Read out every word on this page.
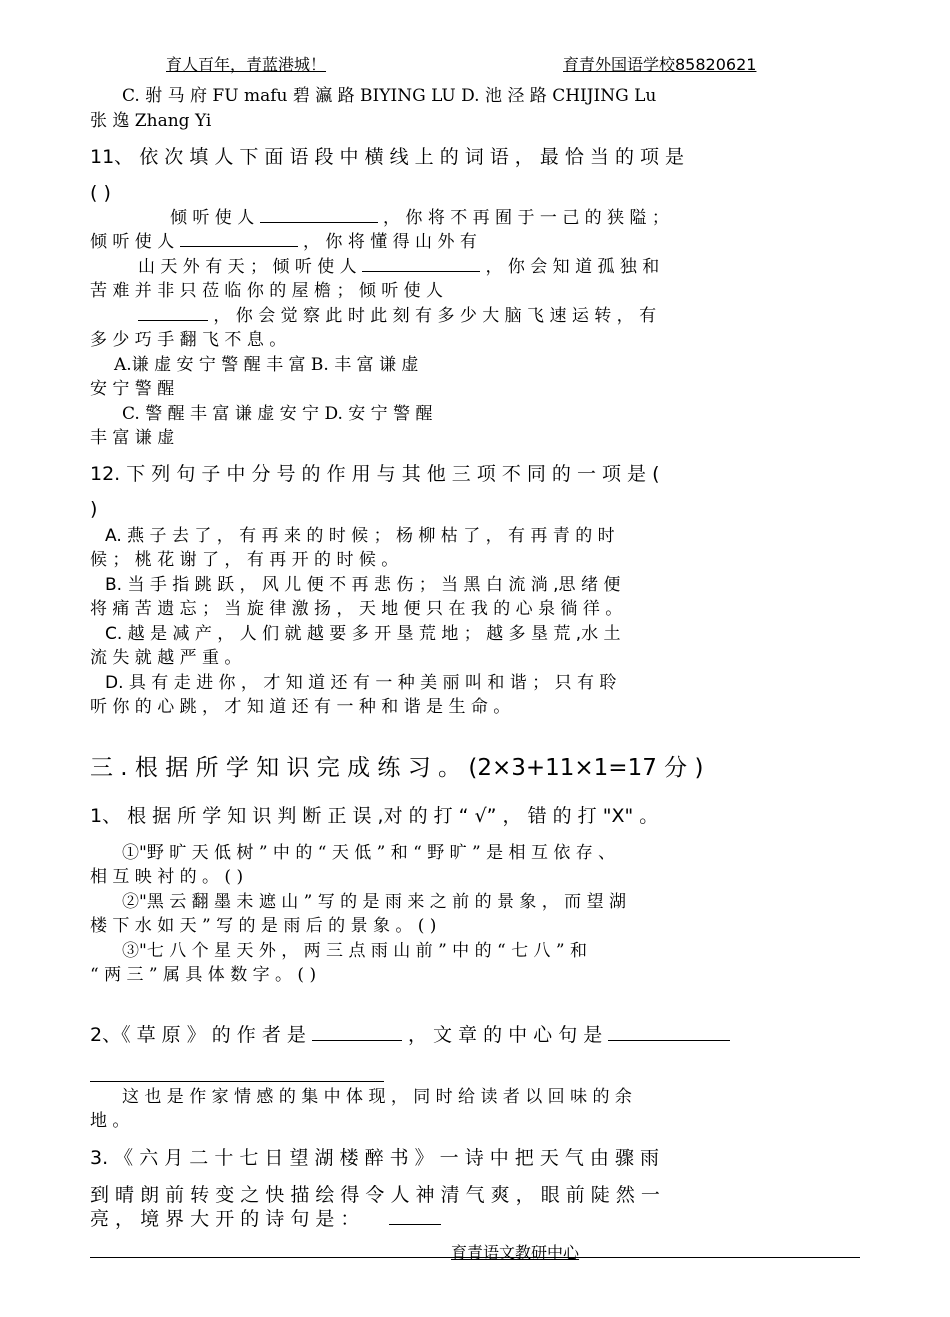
育人百年，青蓝港城！	育青外国语学校85820621
C. 驸 马 府 FU mafu 碧 瀛 路 BIYING LU D. 池 泾 路 CHIJING Lu
张 逸 Zhang Yi
11、 依 次 填 人 下 面 语 段 中 横 线 上 的 词 语 ， 最 恰 当 的 项 是
( )
倾 听 使 人	， 你 将 不 再 囿 于 一 己 的 狭 隘 ；
倾 听 使 人	， 你 将 懂 得 山 外 有
山 天 外 有 天 ； 倾 听 使 人	， 你 会 知 道 孤 独 和
苦 难 并 非 只 莅 临 你 的 屋 檐 ； 倾 听 使 人
， 你 会 觉 察 此 时 此 刻 有 多 少 大 脑 飞 速 运 转 ， 有
多 少 巧 手 翻 飞 不 息 。
A.谦 虚 安 宁 警 醒 丰 富 B. 丰 富 谦 虚
安 宁 警 醒
C. 警 醒 丰 富 谦 虚 安 宁 D. 安 宁 警 醒
丰 富 谦 虚
12. 下 列 句 子 中 分 号 的 作 用 与 其 他 三 项 不 同 的 一 项 是 (
)
A. 燕 子 去 了 ， 有 再 来 的 时 候 ； 杨 柳 枯 了 ， 有 再 青 的 时
候 ； 桃 花 谢 了 ， 有 再 开 的 时 候 。
B. 当 手 指 跳 跃 ， 风 儿 便 不 再 悲 伤 ； 当 黑 白 流 淌 ,思 绪 便
将 痛 苦 遗 忘 ； 当 旋 律 激 扬 ， 天 地 便 只 在 我 的 心 泉 徜 徉 。
C. 越 是 减 产 ， 人 们 就 越 要 多 开 垦 荒 地 ； 越 多 垦 荒 ,水 土
流 失 就 越 严 重 。
D. 具 有 走 进 你 ， 才 知 道 还 有 一 种 美 丽 叫 和 谐 ； 只 有 聆
听 你 的 心 跳 ， 才 知 道 还 有 一 种 和 谐 是 生 命 。
三 . 根 据 所 学 知 识 完 成 练 习 。 (2×3+11×1=17 分 )
1、 根 据 所 学 知 识 判 断 正 误 ,对 的 打 “ √” ， 错 的 打 "X" 。
①"野 旷 天 低 树 ” 中 的 “ 天 低 ” 和 “ 野 旷 ” 是 相 互 依 存 、
相 互 映 衬 的 。 ( )
②"黑 云 翻 墨 未 遮 山 ” 写 的 是 雨 来 之 前 的 景 象 ， 而 望 湖
楼 下 水 如 天 ” 写 的 是 雨 后 的 景 象 。 ( )
③"七 八 个 星 天 外 ， 两 三 点 雨 山 前 ” 中 的 “ 七 八 ” 和
“ 两 三 ” 属 具 体 数 字 。 ( )
2、《 草 原 》 的 作 者 是	， 文 章 的 中 心 句 是
这 也 是 作 家 情 感 的 集 中 体 现 ， 同 时 给 读 者 以 回 味 的 余
地 。
3. 《 六 月 二 十 七 日 望 湖 楼 醉 书 》 一 诗 中 把 天 气 由 骤 雨
到 晴 朗 前 转 变 之 快 描 绘 得 令 人 神 清 气 爽 ， 眼 前 陡 然 一
亮 ， 境 界 大 开 的 诗 句 是 ：
育青语文教研中心
